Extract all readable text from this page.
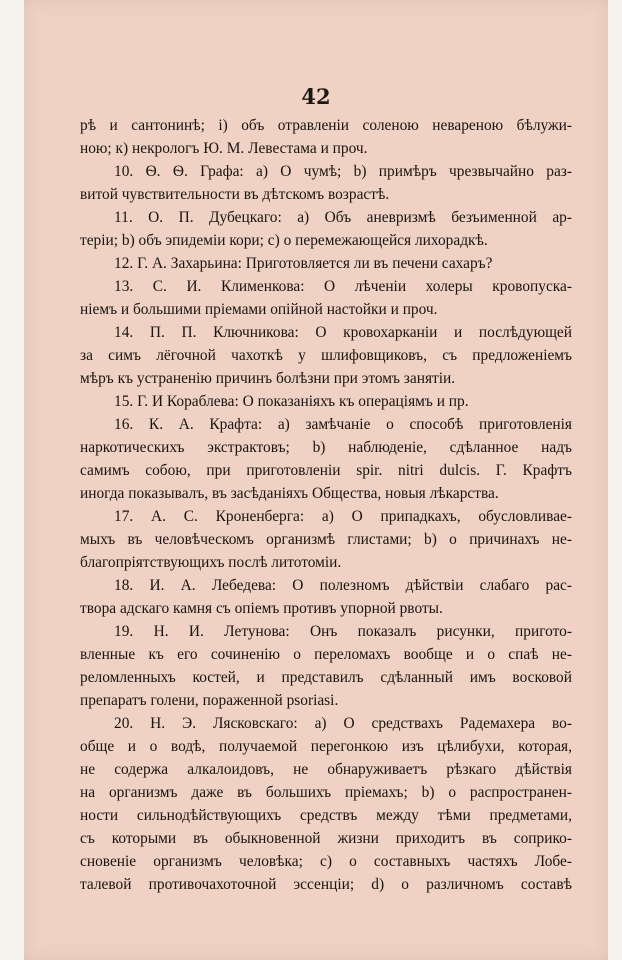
42
рѣ и сантонинѣ; і) объ отравленіи соленою невареною бѣлужи-
ною; к) некрологъ Ю. М. Левестама и проч.
10. Ѳ. Ѳ. Графа: а) О чумѣ; b) примѣръ чрезвычайно раз-
витой чувствительности въ дѣтскомъ возрастѣ.
11. О. П. Дубецкаго: а) Объ аневризмѣ безъименной ар-
теріи; b) объ эпидеміи кори; с) о перемежающейся лихорадкѣ.
12. Г. А. Захарьина: Приготовляется ли въ печени сахаръ?
13. С. И. Клименкова: О лѣченіи холеры кровопуска-
ніемъ и большими пріемами опійной настойки и проч.
14. П. П. Ключникова: О кровохарканіи и послѣдующей
за симъ лёгочной чахоткѣ у шлифовщиковъ, съ предложеніемъ
мѣръ къ устраненію причинъ болѣзни при этомъ занятіи.
15. Г. И Кораблева: О показаніяхъ къ операціямъ и пр.
16. К. А. Крафта: а) замѣчаніе о способѣ приготовленія
наркотическихъ экстрактовъ; b) наблюденіе, сдѣланное надъ
самимъ собою, при приготовленіи spir. nitri dulcis. Г. Крафтъ
иногда показывалъ, въ засѣданіяхъ Общества, новыя лѣкарства.
17. А. С. Кроненберга: а) О припадкахъ, обусловливае-
мыхъ въ человѣческомъ организмѣ глистами; b) о причинахъ не-
благопріятствующихъ послѣ литотоміи.
18. И. А. Лебедева: О полезномъ дѣйствіи слабаго рас-
твора адскаго камня съ опіемъ противъ упорной рвоты.
19. Н. И. Летунова: Онъ показалъ рисунки, пригото-
вленные къ его сочиненію о переломахъ вообще и о спаѣ не-
реломленныхъ костей, и представилъ сдѣланный имъ восковой
препаратъ голени, пораженной psoriasi.
20. Н. Э. Лясковскаго: а) О средствахъ Радемахера во-
обще и о водѣ, получаемой перегонкою изъ цѣлибухи, которая,
не содержа алкалоидовъ, не обнаруживаетъ рѣзкаго дѣйствія
на организмъ даже въ большихъ пріемахъ; b) о распространен-
ности сильнодѣйствующихъ средствъ между тѣми предметами,
съ которыми въ обыкновенной жизни приходитъ въ соприко-
сновеніе организмъ человѣка; с) о составныхъ частяхъ Лобе-
талевой противочахоточной эссенціи; d) о различномъ составѣ
